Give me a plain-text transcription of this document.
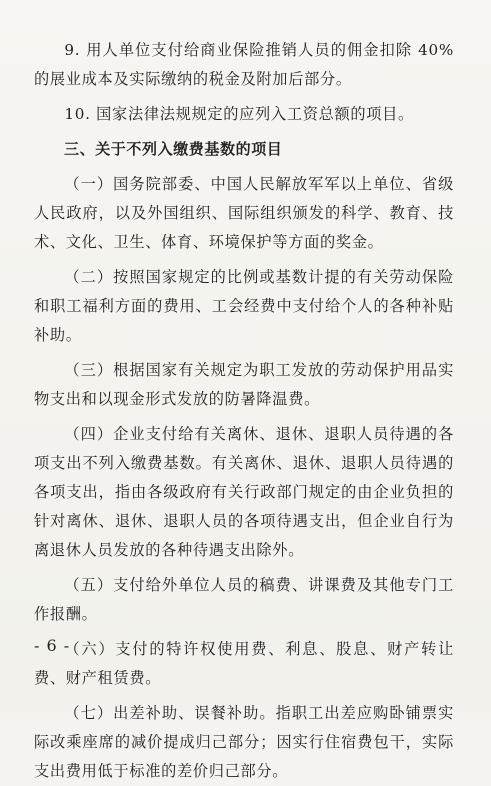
9. 用人单位支付给商业保险推销人员的佣金扣除 40%的展业成本及实际缴纳的税金及附加后部分。

10. 国家法律法规规定的应列入工资总额的项目。

三、关于不列入缴费基数的项目

（一）国务院部委、中国人民解放军军以上单位、省级人民政府，以及外国组织、国际组织颁发的科学、教育、技术、文化、卫生、体育、环境保护等方面的奖金。

（二）按照国家规定的比例或基数计提的有关劳动保险和职工福利方面的费用、工会经费中支付给个人的各种补贴补助。

（三）根据国家有关规定为职工发放的劳动保护用品实物支出和以现金形式发放的防暑降温费。

（四）企业支付给有关离休、退休、退职人员待遇的各项支出不列入缴费基数。有关离休、退休、退职人员待遇的各项支出，指由各级政府有关行政部门规定的由企业负担的针对离休、退休、退职人员的各项待遇支出，但企业自行为离退休人员发放的各种待遇支出除外。

（五）支付给外单位人员的稿费、讲课费及其他专门工作报酬。

（六）支付的特许权使用费、利息、股息、财产转让费、财产租赁费。

（七）出差补助、误餐补助。指职工出差应购卧铺票实际改乘座席的减价提成归己部分；因实行住宿费包干，实际支出费用低于标准的差价归己部分。

- 6 -
